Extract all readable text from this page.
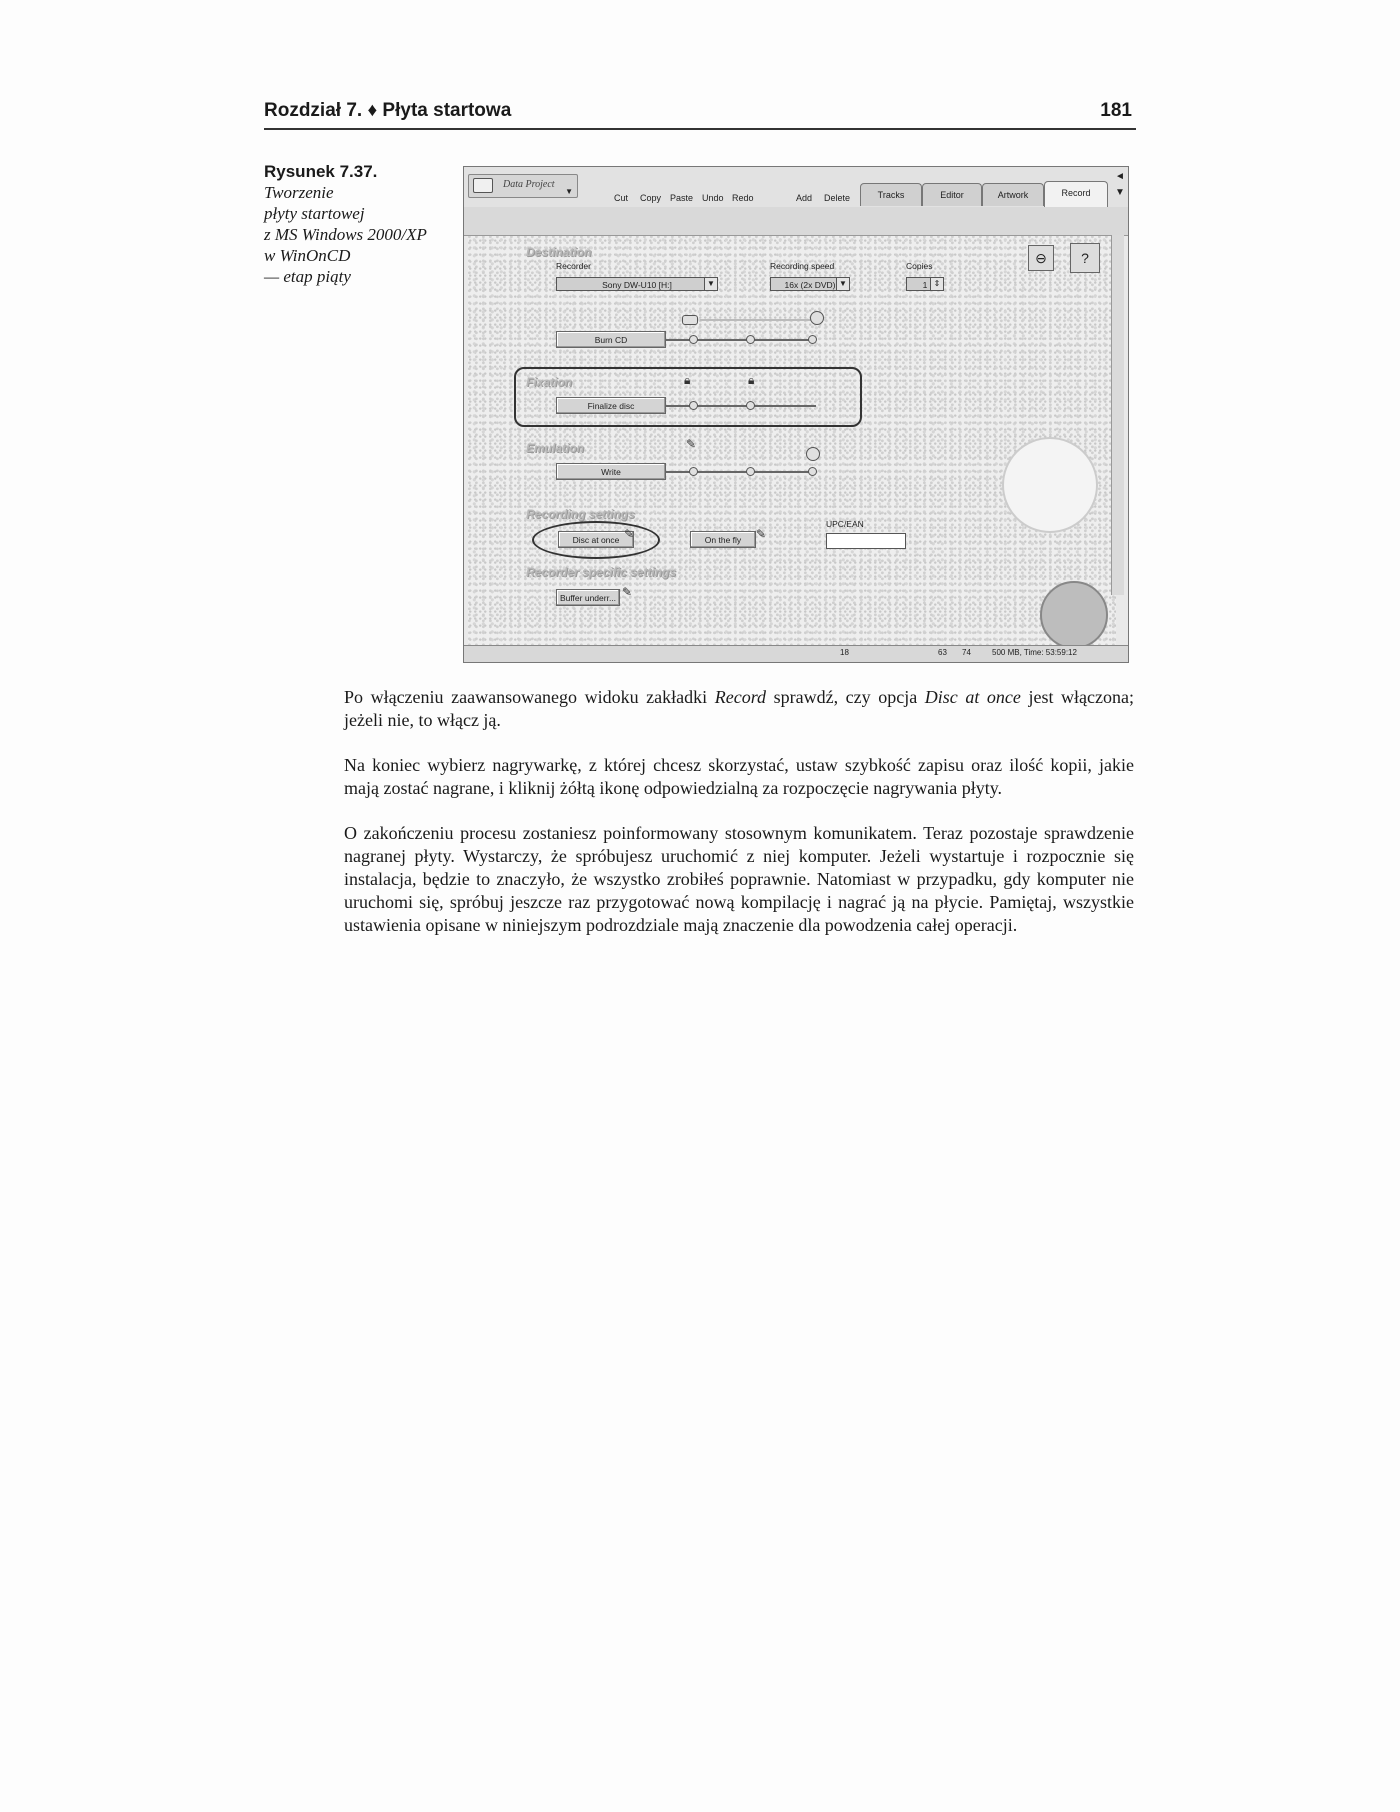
Rozdział 7. ♦ Płyta startowa	181
Rysunek 7.37.
Tworzenie
płyty startowej
z MS Windows 2000/XP
w WinOnCD
— etap piąty
Data Project
▼
Cut Copy Paste Undo Redo	Add Delete	Tracks	Editor	Artwork	Record
◄
▼
Destination
Recorder
Sony DW-U10 [H:]	▼
Recording speed
16x (2x DVD) ▼
Copies
1 ⇕
⊖	?
Burn CD
Fixation	🔒︎	🔒︎
Finalize disc
Emulation	✎
Write
Recording settings
Disc at once ✎	On the fly	✎
UPC/EAN
Recorder specific settings
Buffer underr... ✎
18	63 74	500 MB, Time: 53:59:12

Po włączeniu zaawansowanego widoku zakładki Record sprawdź, czy opcja Disc at once jest włączona; jeżeli nie, to włącz ją.

Na koniec wybierz nagrywarkę, z której chcesz skorzystać, ustaw szybkość zapisu oraz ilość kopii, jakie mają zostać nagrane, i kliknij żółtą ikonę odpowiedzialną za rozpoczęcie nagrywania płyty.

O zakończeniu procesu zostaniesz poinformowany stosownym komunikatem. Teraz pozostaje sprawdzenie nagranej płyty. Wystarczy, że spróbujesz uruchomić z niej komputer. Jeżeli wystartuje i rozpocznie się instalacja, będzie to znaczyło, że wszystko zrobiłeś poprawnie. Natomiast w przypadku, gdy komputer nie uruchomi się, spróbuj jeszcze raz przygotować nową kompilację i nagrać ją na płycie. Pamiętaj, wszystkie ustawienia opisane w niniejszym podrozdziale mają znaczenie dla powodzenia całej operacji.
